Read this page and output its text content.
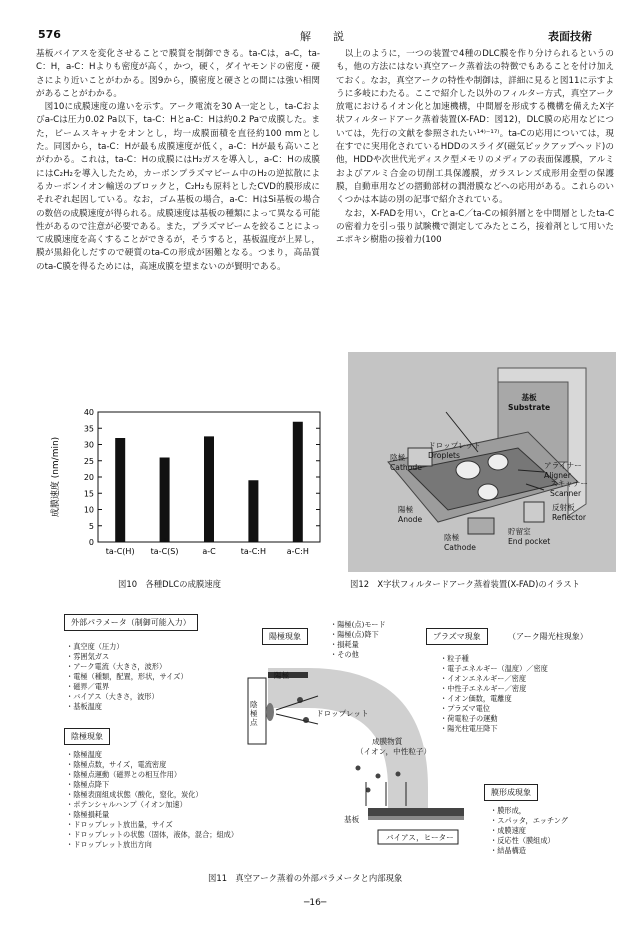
576	解　　説	表面技術

基板バイアスを変化させることで膜質を制御できる。ta-Cは，a-C，ta-C：H，a-C：Hよりも密度が高く，かつ，硬く，ダイヤモンドの密度・硬さにより近いことがわかる。図9から，膜密度と硬さとの間には強い相関があることがわかる。

図10に成膜速度の違いを示す。アーク電流を30 A一定とし，ta-Cおよびa-Cは圧力0.02 Pa以下，ta-C：Hとa-C：Hは約0.2 Paで成膜した。また，ビームスキャナをオンとし，均一成膜面積を直径約100 mmとした。同図から，ta-C：Hが最も成膜速度が低く，a-C：Hが最も高いことがわかる。これは，ta-C：Hの成膜にはH₂ガスを導入し，a-C：Hの成膜にはC₂H₂を導入したため，カーボンプラズマビーム中のH₂の逆拡散によるカーボンイオン輸送のブロックと，C₂H₂も原料としたCVD的膜形成にそれぞれ起因している。なお，ゴム基板の場合，a-C：HはSi基板の場合の数倍の成膜速度が得られる。成膜速度は基板の種類によって異なる可能性があるので注意が必要である。また，プラズマビームを絞ることによって成膜速度を高くすることができるが，そうすると，基板温度が上昇し，膜が黒鉛化しだすので硬質のta-Cの形成が困難となる。つまり，高品質のta-C膜を得るためには，高速成膜を望まないのが賢明である。

以上のように，一つの装置で4種のDLC膜を作り分けられるというのも，他の方法にはない真空アーク蒸着法の特徴でもあることを付け加えておく。なお，真空アークの特性や制御は，詳細に見ると図11に示すように多岐にわたる。ここで紹介した以外のフィルター方式，真空アーク放電におけるイオン化と加速機構，中間層を形成する機構を備えたX字状フィルタードアーク蒸着装置(X-FAD：図12)，DLC膜の応用などについては，先行の文献を参照されたい¹⁴⁾⁻¹⁷⁾。ta-Cの応用については，現在すでに実用化されているHDDのスライダ(磁気ピックアップヘッド)の他，HDDや次世代光ディスク型メモリのメディアの表面保護膜，アルミおよびアルミ合金の切削工具保護膜，ガラスレンズ成形用金型の保護膜，自動車用などの摺動部材の潤滑膜などへの応用がある。これらのいくつかは本誌の別の記事で紹介されている。

なお，X-FADを用い，Crとa-C／ta-Cの傾斜層とを中間層としたta-Cの密着力を引っ張り試験機で測定してみたところ，接着剤として用いたエポキシ樹脂の接着力(100

0
5
10
15
20
25
30
35
40
ta-C(H) ta-C(S)	a-C	ta-C:H	a-C:H
成膜速度 (nm/min)
図10　各種DLCの成膜速度
基板
Substrate
ドロップレット
Droplets
陰極
Cathode	アライナー
Aligner
スキャナー
Scanner
反射板
Reflector
陽極
Anode
貯留室
End pocket
陰極
Cathode
図12　X字状フィルタードアーク蒸着装置(X-FAD)のイラスト
外部パラメータ（制御可能入力）
・ 真空度（圧力）
・ 雰囲気ガス
・ アーク電流（大きさ，波形）
・ 電極（種類，配置，形状，サイズ）
・ 磁界／電界
・ バイアス（大きさ，波形）
・ 基板温度
陰極現象
・ 陰極温度
・ 陰極点数，サイズ，電流密度
・ 陰極点運動（磁界との相互作用）
・ 陰極点降下
・ 陰極表面組成状態（酸化，窒化，炭化）
・ ポテンシャルハンプ（イオン加速）
・ 陰極損耗量
・ ドロップレット放出量，サイズ
・ ドロップレットの状態（固体，液体，混合；組成）
・ ドロップレット放出方向
陽極現象
・ 陽極(点)モード
・ 陽極(点)降下
・ 損耗量
・ その他
プラズマ現象	（アーク陽光柱現象）
・ 粒子種
・ 電子エネルギー（温度）／密度
・ イオンエネルギー／密度
・ 中性子エネルギー／密度
・ イオン価数，電離度
・ プラズマ電位
・ 荷電粒子の運動
・ 陽光柱電圧降下
膜形成現象
・ 膜形成，
・ スパッタ，エッチング
・ 成膜速度
・ 反応性（膜組成）
・ 結晶構造
陽極
陰極点
ドロップレット
成膜物質
（イオン，中性粒子）
基板
バイアス，ヒーター
図11　真空アーク蒸着の外部パラメータと内部現象
─16─
